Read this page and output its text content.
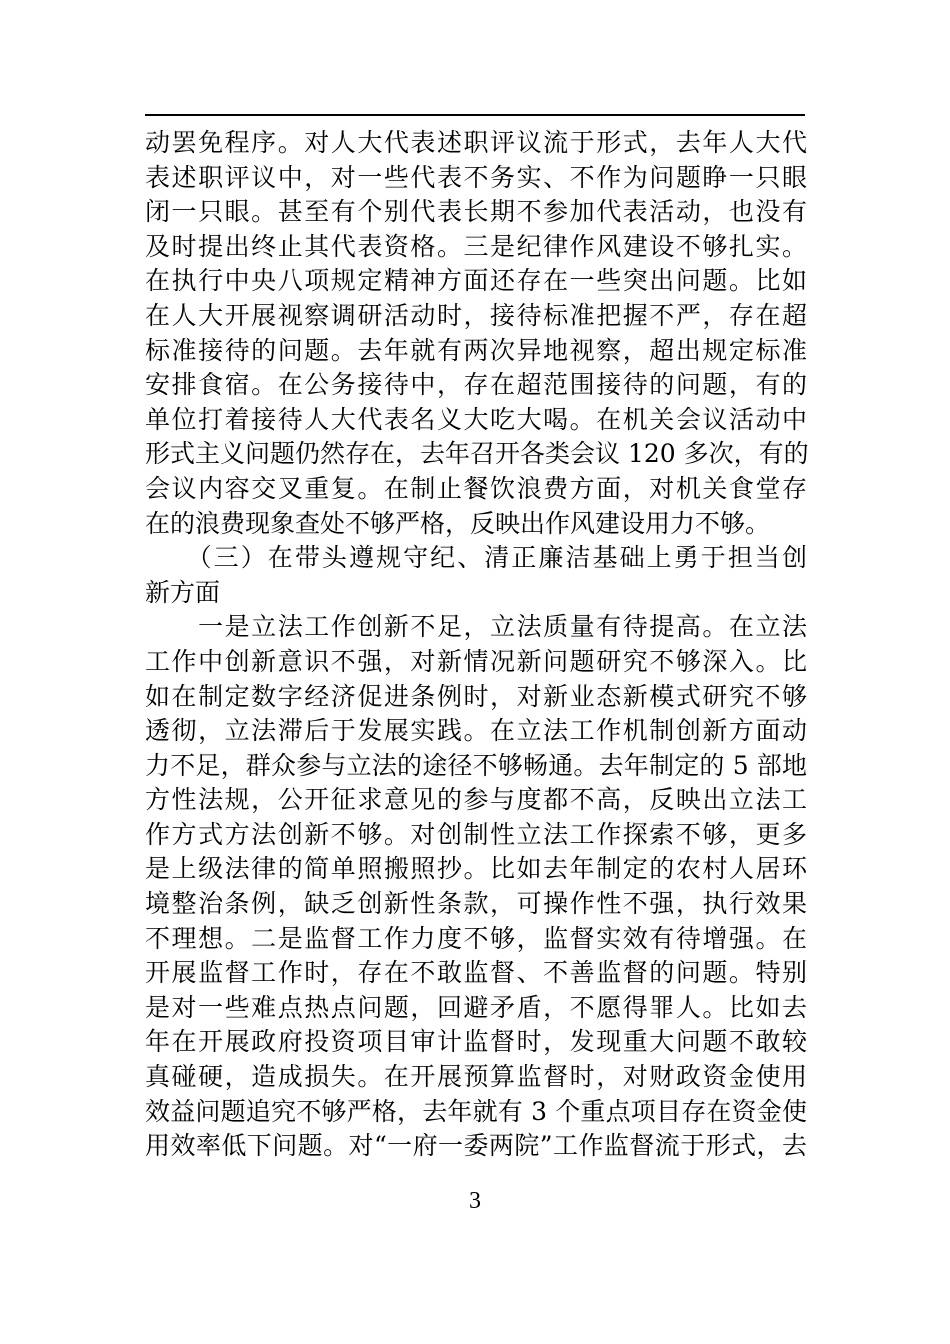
动罢免程序。对人大代表述职评议流于形式，去年人大代
表述职评议中，对一些代表不务实、不作为问题睁一只眼
闭一只眼。甚至有个别代表长期不参加代表活动，也没有
及时提出终止其代表资格。三是纪律作风建设不够扎实。
在执行中央八项规定精神方面还存在一些突出问题。比如
在人大开展视察调研活动时，接待标准把握不严，存在超
标准接待的问题。去年就有两次异地视察，超出规定标准
安排食宿。在公务接待中，存在超范围接待的问题，有的
单位打着接待人大代表名义大吃大喝。在机关会议活动中
形式主义问题仍然存在，去年召开各类会议 120 多次，有的
会议内容交叉重复。在制止餐饮浪费方面，对机关食堂存
在的浪费现象查处不够严格，反映出作风建设用力不够。
　　（三）在带头遵规守纪、清正廉洁基础上勇于担当创
新方面
　　一是立法工作创新不足，立法质量有待提高。在立法
工作中创新意识不强，对新情况新问题研究不够深入。比
如在制定数字经济促进条例时，对新业态新模式研究不够
透彻，立法滞后于发展实践。在立法工作机制创新方面动
力不足，群众参与立法的途径不够畅通。去年制定的 5 部地
方性法规，公开征求意见的参与度都不高，反映出立法工
作方式方法创新不够。对创制性立法工作探索不够，更多
是上级法律的简单照搬照抄。比如去年制定的农村人居环
境整治条例，缺乏创新性条款，可操作性不强，执行效果
不理想。二是监督工作力度不够，监督实效有待增强。在
开展监督工作时，存在不敢监督、不善监督的问题。特别
是对一些难点热点问题，回避矛盾，不愿得罪人。比如去
年在开展政府投资项目审计监督时，发现重大问题不敢较
真碰硬，造成损失。在开展预算监督时，对财政资金使用
效益问题追究不够严格，去年就有 3 个重点项目存在资金使
用效率低下问题。对“一府一委两院”工作监督流于形式，去
3
